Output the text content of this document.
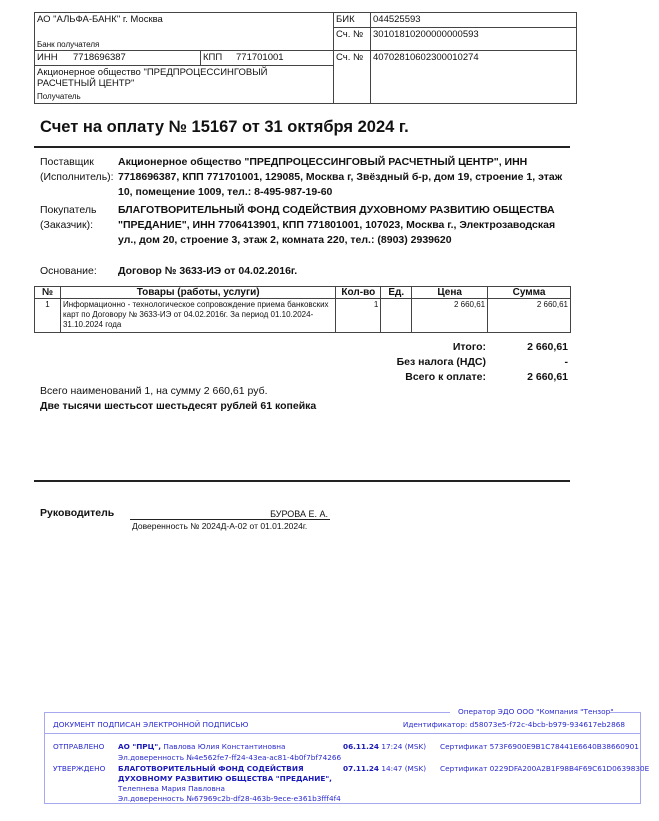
АО "АЛЬФА-БАНК" г. Москва
Банк получателя
БИК 044525593
Сч. № 30101810200000000593
ИНН 7718696387	КПП 771701001	Сч. № 40702810602300010274
Акционерное общество "ПРЕДПРОЦЕССИНГОВЫЙ РАСЧЕТНЫЙ ЦЕНТР"
Получатель
Счет на оплату № 15167 от 31 октября 2024 г.
Поставщик (Исполнитель):
Акционерное общество "ПРЕДПРОЦЕССИНГОВЫЙ РАСЧЕТНЫЙ ЦЕНТР", ИНН 7718696387, КПП 771701001, 129085, Москва г, Звёздный б-р, дом 19, строение 1, этаж 10, помещение 1009, тел.: 8-495-987-19-60
Покупатель (Заказчик):
БЛАГОТВОРИТЕЛЬНЫЙ ФОНД СОДЕЙСТВИЯ ДУХОВНОМУ РАЗВИТИЮ ОБЩЕСТВА "ПРЕДАНИЕ", ИНН 7706413901, КПП 771801001, 107023, Москва г., Электрозаводская ул., дом 20, строение 3, этаж 2, комната 220, тел.: (8903) 2939620
Основание: Договор № 3633-ИЭ от 04.02.2016г.
№	Товары (работы, услуги)	Кол-во	Ед.	Цена	Сумма
1	Информационно - технологическое сопровождение приема банковских карт по Договору № 3633-ИЭ от 04.02.2016г. За период 01.10.2024-31.10.2024 года	1		2 660,61	2 660,61
Итого:	2 660,61
Без налога (НДС)	-
Всего к оплате:	2 660,61
Всего наименований 1, на сумму 2 660,61 руб.
Две тысячи шестьсот шестьдесят рублей 61 копейка
Руководитель	БУРОВА Е. А.
Доверенность № 2024Д-А-02 от 01.01.2024г.
Оператор ЭДО ООО "Компания "Тензор"
Идентификатор: d58073e5-f72c-4bcb-b979-934617eb2868
ДОКУМЕНТ ПОДПИСАН ЭЛЕКТРОННОЙ ПОДПИСЬЮ
ОТПРАВЛЕНО АО "ПРЦ", Павлова Юлия Константиновна
Эл.доверенность №4e562fe7-ff24-43ea-ac81-4b0f7bf74266
06.11.24 17:24 (MSK) Сертификат 573F6900E9B1C78441E6640B38660901
УТВЕРЖДЕНО БЛАГОТВОРИТЕЛЬНЫЙ ФОНД СОДЕЙСТВИЯ ДУХОВНОМУ РАЗВИТИЮ ОБЩЕСТВА "ПРЕДАНИЕ",
Телепнева Мария Павловна
Эл.доверенность №67969c2b-df28-463b-9ece-e361b3fff4f4
07.11.24 14:47 (MSK) Сертификат 0229DFA200A2B1F98B4F69C61D0639830E
